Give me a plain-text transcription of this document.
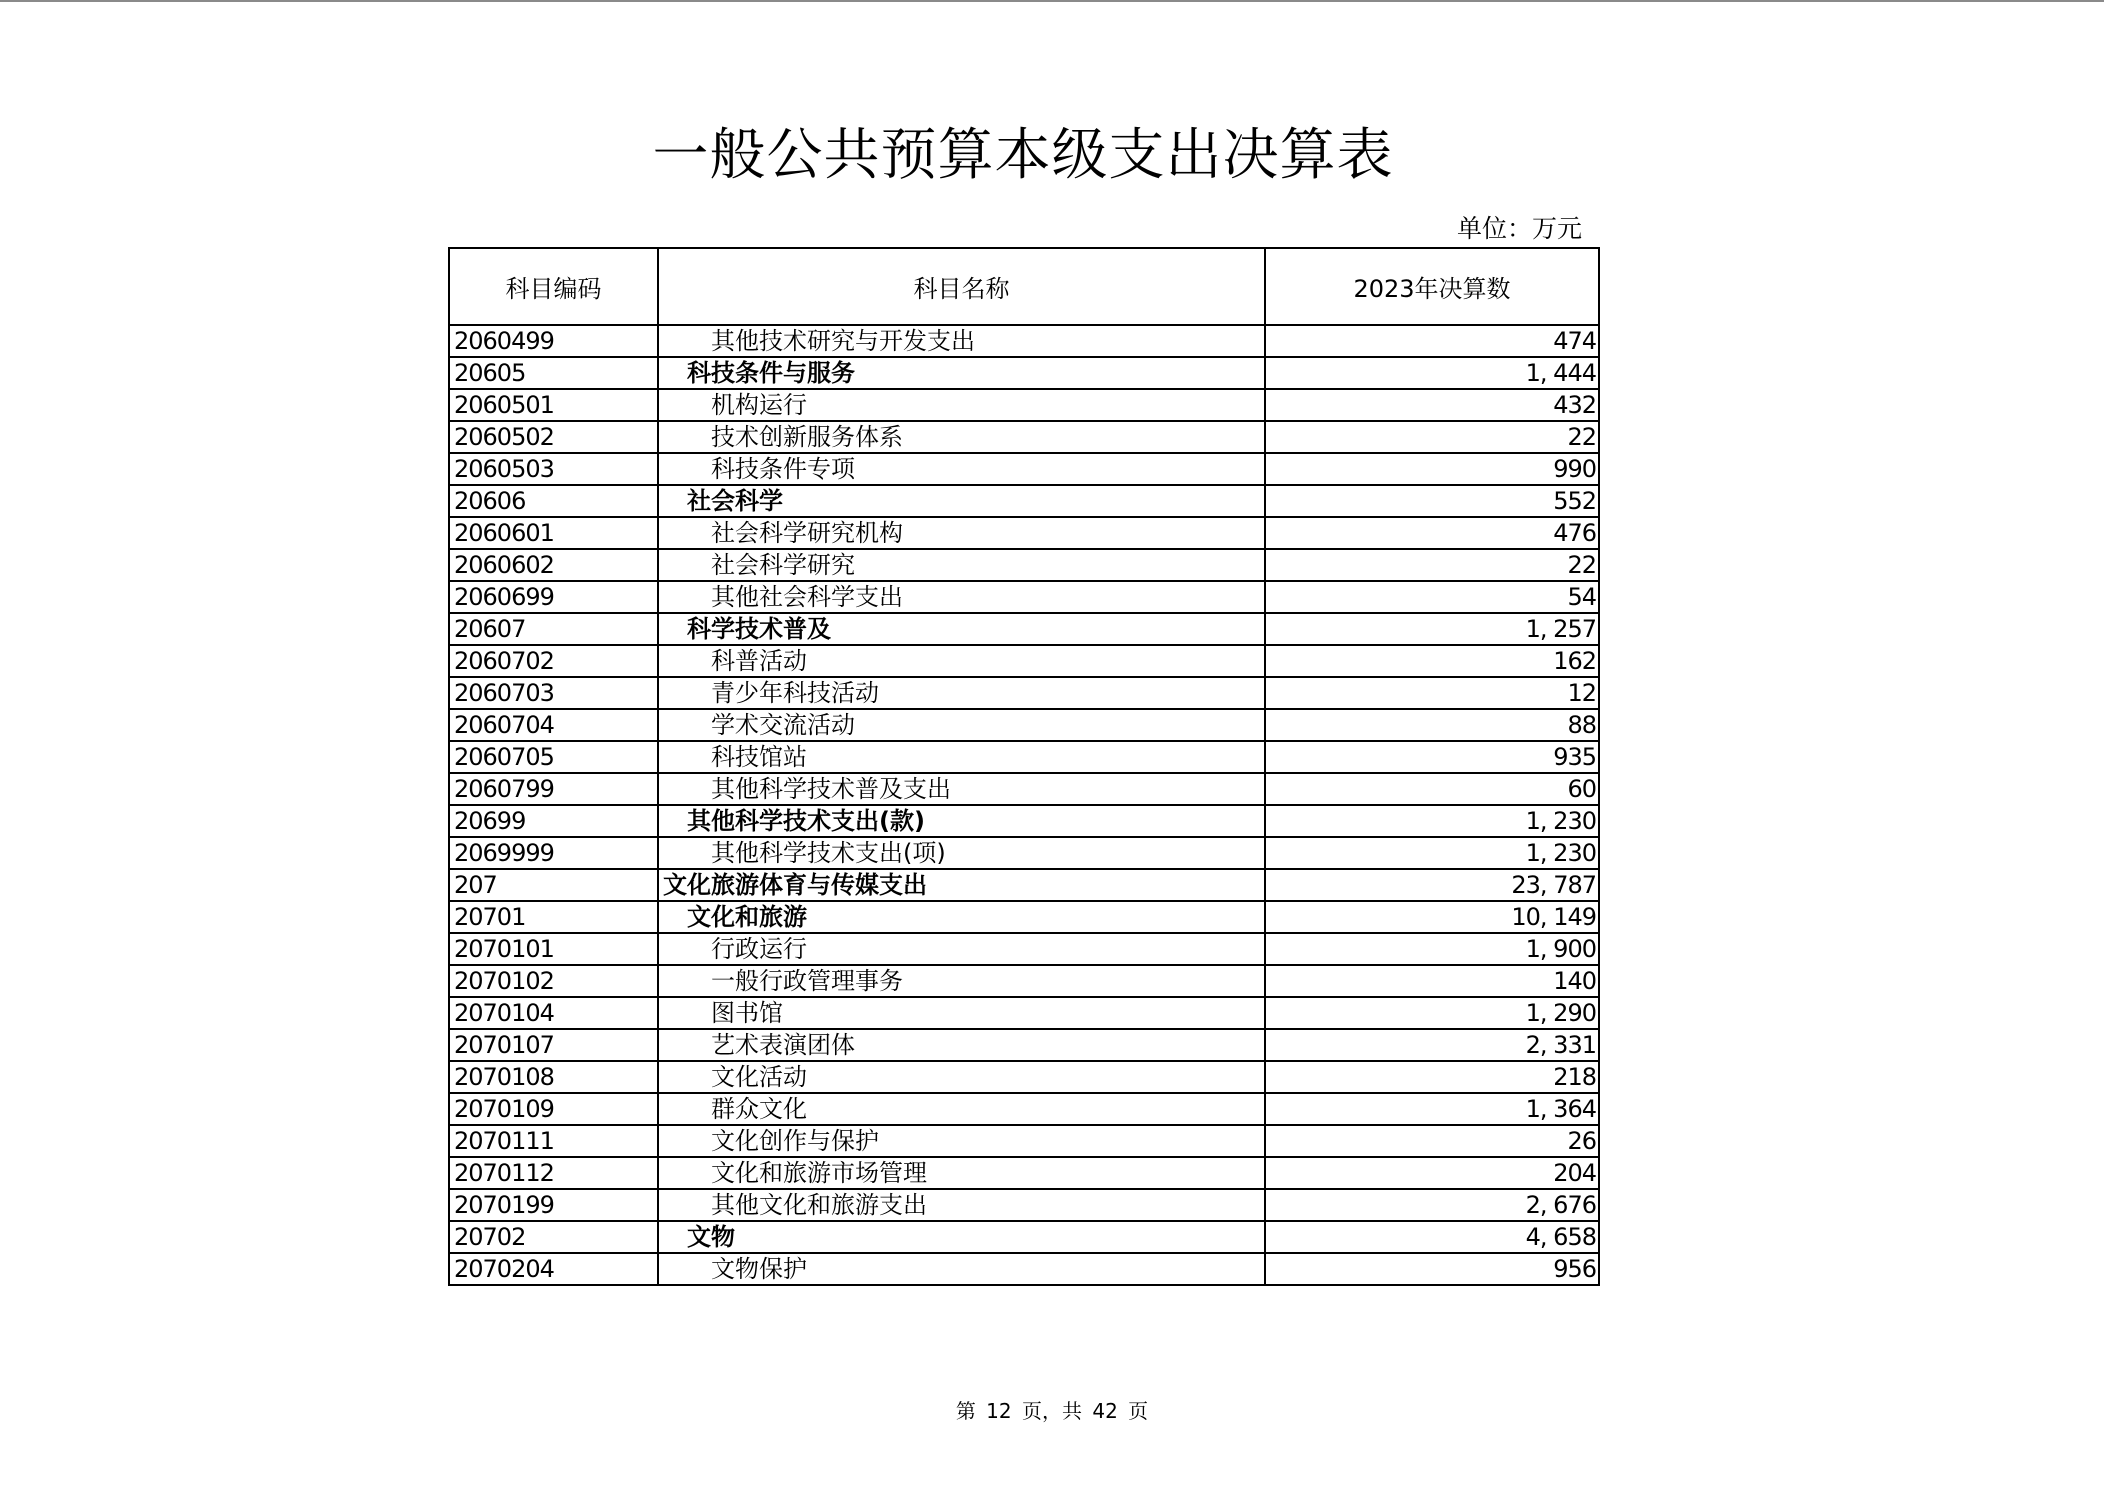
一般公共预算本级支出决算表
单位：万元
科目编码	科目名称	2023年决算数
2060499	其他技术研究与开发支出	474
20605	科技条件与服务	1, 444
2060501	机构运行	432
2060502	技术创新服务体系	22
2060503	科技条件专项	990
20606	社会科学	552
2060601	社会科学研究机构	476
2060602	社会科学研究	22
2060699	其他社会科学支出	54
20607	科学技术普及	1, 257
2060702	科普活动	162
2060703	青少年科技活动	12
2060704	学术交流活动	88
2060705	科技馆站	935
2060799	其他科学技术普及支出	60
20699	其他科学技术支出(款)	1, 230
2069999	其他科学技术支出(项)	1, 230
207	文化旅游体育与传媒支出	23, 787
20701	文化和旅游	10, 149
2070101	行政运行	1, 900
2070102	一般行政管理事务	140
2070104	图书馆	1, 290
2070107	艺术表演团体	2, 331
2070108	文化活动	218
2070109	群众文化	1, 364
2070111	文化创作与保护	26
2070112	文化和旅游市场管理	204
2070199	其他文化和旅游支出	2, 676
20702	文物	4, 658
2070204	文物保护	956
第 12 页，共 42 页
